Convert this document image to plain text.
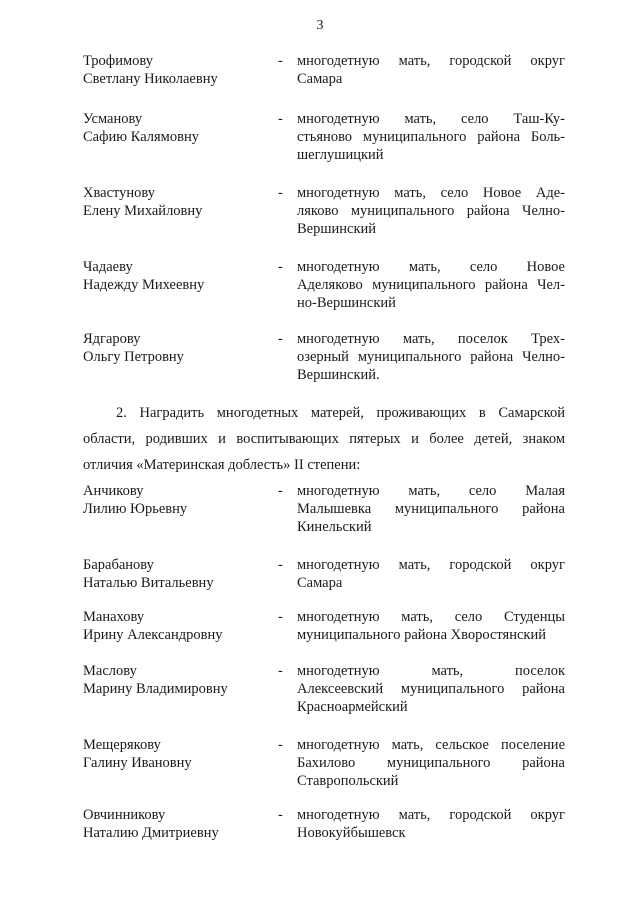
3
Трофимову
Светлану Николаевну
- многодетную мать, городской округ
Самара
Усманову
Сафию Калямовну
- многодетную мать, село Таш-Ку-
стьяново муниципального района Боль-
шеглушицкий
Хвастунову
Елену Михайловну
- многодетную мать, село Новое Аде-
ляково муниципального района Челно-
Вершинский
Чадаеву
Надежду Михеевну
- многодетную мать, село Новое
Аделяково муниципального района Чел-
но-Вершинский
Ядгарову
Ольгу Петровну
- многодетную мать, поселок Трех-
озерный муниципального района Челно-
Вершинский.
2. Наградить многодетных матерей, проживающих в Самарской
области, родивших и воспитывающих пятерых и более детей, знаком
отличия «Материнская доблесть» II степени:
Анчикову
Лилию Юрьевну
- многодетную мать, село Малая
Малышевка муниципального района
Кинельский
Барабанову
Наталью Витальевну
- многодетную мать, городской округ
Самара
Манахову
Ирину Александровну
- многодетную мать, село Студенцы
муниципального района Хворостянский
Маслову
Марину Владимировну
- многодетную мать, поселок
Алексеевский муниципального района
Красноармейский
Мещерякову
Галину Ивановну
- многодетную мать, сельское поселение
Бахилово муниципального района
Ставропольский
Овчинникову
Наталию Дмитриевну
- многодетную мать, городской округ
Новокуйбышевск
